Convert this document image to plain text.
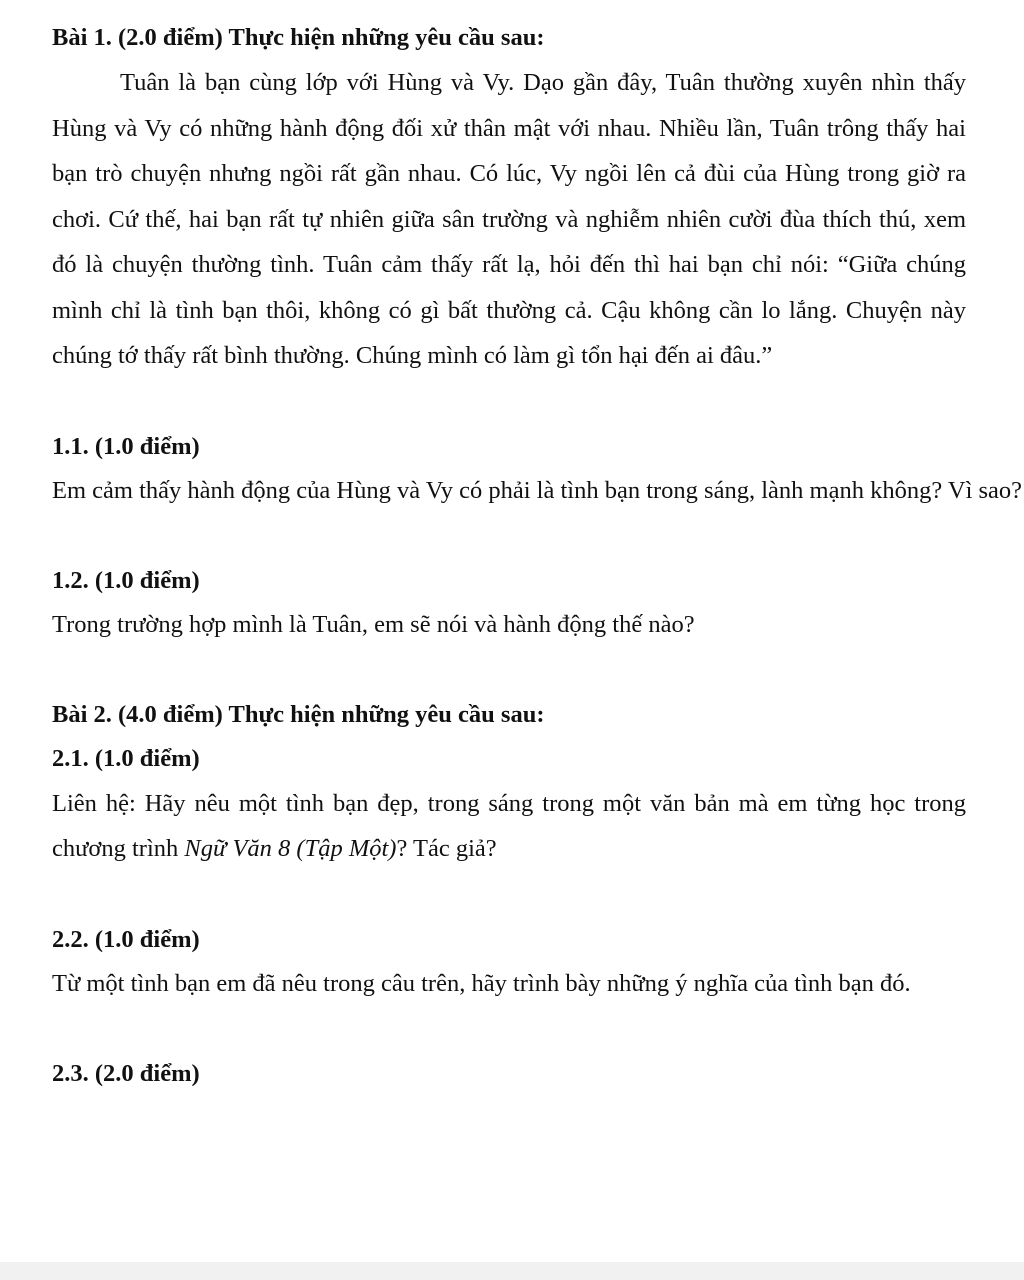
Bài 1. (2.0 điểm) Thực hiện những yêu cầu sau:

Tuân là bạn cùng lớp với Hùng và Vy. Dạo gần đây, Tuân thường xuyên nhìn thấy Hùng và Vy có những hành động đối xử thân mật với nhau. Nhiều lần, Tuân trông thấy hai bạn trò chuyện nhưng ngồi rất gần nhau. Có lúc, Vy ngồi lên cả đùi của Hùng trong giờ ra chơi. Cứ thế, hai bạn rất tự nhiên giữa sân trường và nghiễm nhiên cười đùa thích thú, xem đó là chuyện thường tình. Tuân cảm thấy rất lạ, hỏi đến thì hai bạn chỉ nói: “Giữa chúng mình chỉ là tình bạn thôi, không có gì bất thường cả. Cậu không cần lo lắng. Chuyện này chúng tớ thấy rất bình thường. Chúng mình có làm gì tổn hại đến ai đâu.”

1.1. (1.0 điểm)

Em cảm thấy hành động của Hùng và Vy có phải là tình bạn trong sáng, lành mạnh không? Vì sao?

1.2. (1.0 điểm)

Trong trường hợp mình là Tuân, em sẽ nói và hành động thế nào?

Bài 2. (4.0 điểm) Thực hiện những yêu cầu sau:

2.1. (1.0 điểm)

Liên hệ: Hãy nêu một tình bạn đẹp, trong sáng trong một văn bản mà em từng học trong chương trình Ngữ Văn 8 (Tập Một)? Tác giả?

2.2. (1.0 điểm)

Từ một tình bạn em đã nêu trong câu trên, hãy trình bày những ý nghĩa của tình bạn đó.

2.3. (2.0 điểm)
